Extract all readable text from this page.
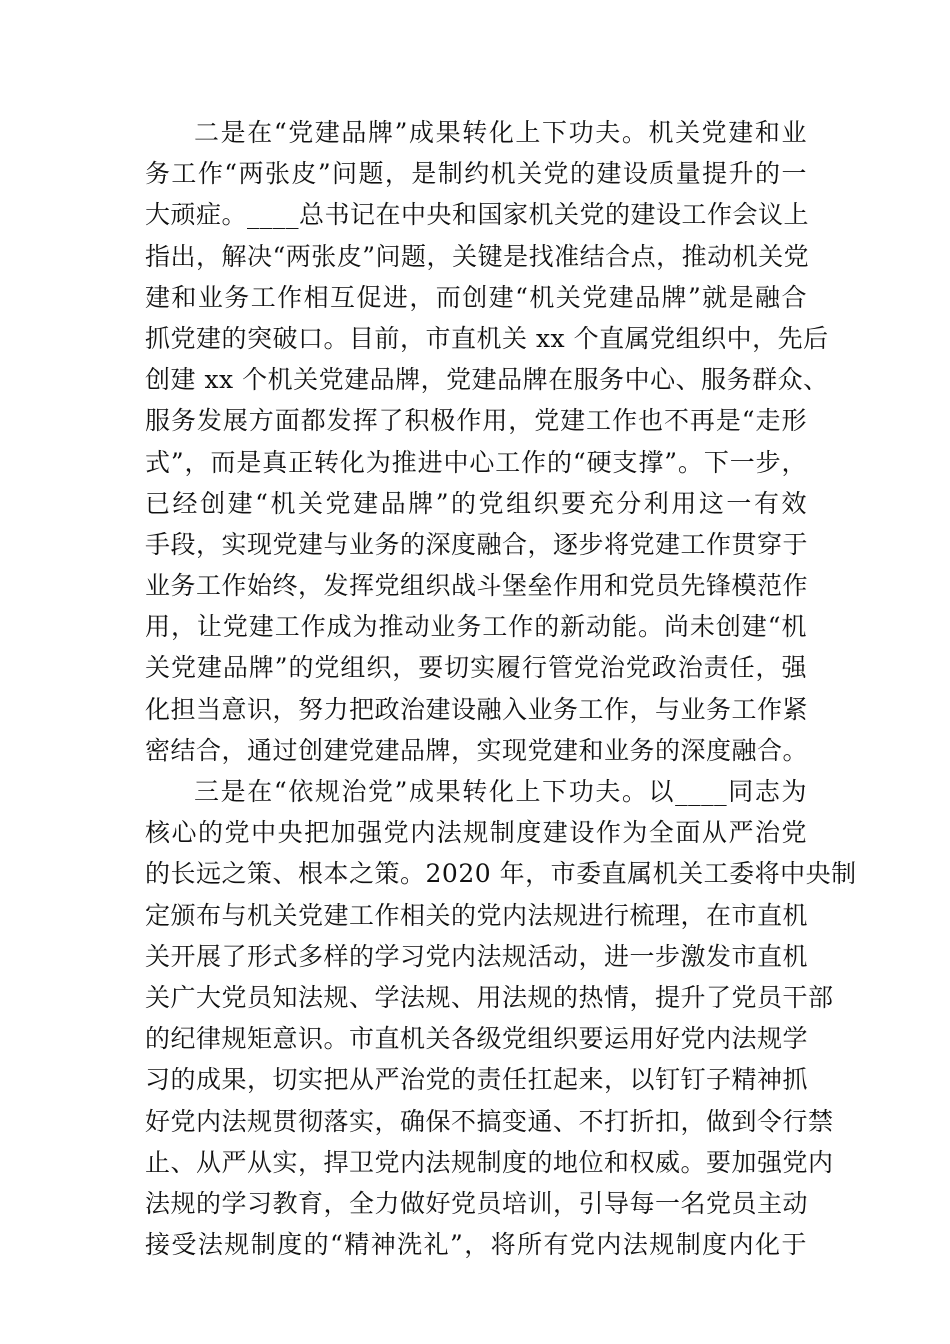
二是在“党建品牌”成果转化上下功夫。机关党建和业
务工作“两张皮”问题，是制约机关党的建设质量提升的一
大顽症。____总书记在中央和国家机关党的建设工作会议上
指出，解决“两张皮”问题，关键是找准结合点，推动机关党
建和业务工作相互促进，而创建“机关党建品牌”就是融合
抓党建的突破口。目前，市直机关 xx 个直属党组织中，先后
创建 xx 个机关党建品牌，党建品牌在服务中心、服务群众、
服务发展方面都发挥了积极作用，党建工作也不再是“走形
式”，而是真正转化为推进中心工作的“硬支撑”。下一步，
已经创建“机关党建品牌”的党组织要充分利用这一有效
手段，实现党建与业务的深度融合，逐步将党建工作贯穿于
业务工作始终，发挥党组织战斗堡垒作用和党员先锋模范作
用，让党建工作成为推动业务工作的新动能。尚未创建“机
关党建品牌”的党组织，要切实履行管党治党政治责任，强
化担当意识，努力把政治建设融入业务工作，与业务工作紧
密结合，通过创建党建品牌，实现党建和业务的深度融合。
三是在“依规治党”成果转化上下功夫。以____同志为
核心的党中央把加强党内法规制度建设作为全面从严治党
的长远之策、根本之策。2020 年，市委直属机关工委将中央制
定颁布与机关党建工作相关的党内法规进行梳理，在市直机
关开展了形式多样的学习党内法规活动，进一步激发市直机
关广大党员知法规、学法规、用法规的热情，提升了党员干部
的纪律规矩意识。市直机关各级党组织要运用好党内法规学
习的成果，切实把从严治党的责任扛起来，以钉钉子精神抓
好党内法规贯彻落实，确保不搞变通、不打折扣，做到令行禁
止、从严从实，捍卫党内法规制度的地位和权威。要加强党内
法规的学习教育，全力做好党员培训，引导每一名党员主动
接受法规制度的“精神洗礼”，将所有党内法规制度内化于
